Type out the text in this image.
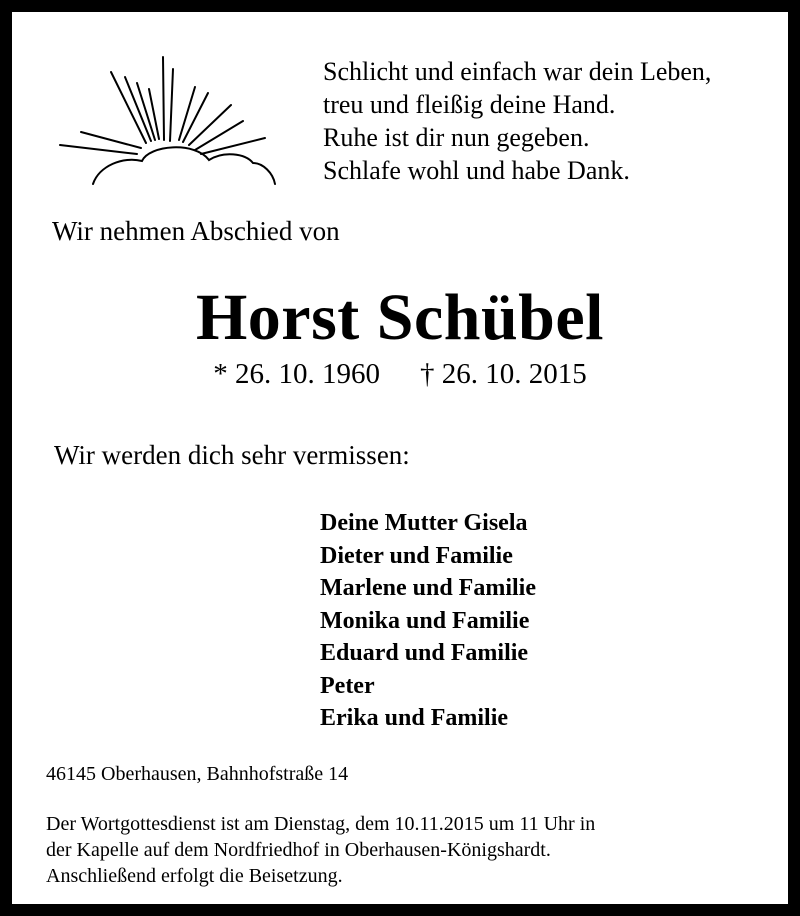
Schlicht und einfach war dein Leben,
treu und fleißig deine Hand.
Ruhe ist dir nun gegeben.
Schlafe wohl und habe Dank.
Wir nehmen Abschied von
Horst Schübel
* 26. 10. 1960 † 26. 10. 2015
Wir werden dich sehr vermissen:
Deine Mutter Gisela
Dieter und Familie
Marlene und Familie
Monika und Familie
Eduard und Familie
Peter
Erika und Familie
46145 Oberhausen, Bahnhofstraße 14
Der Wortgottesdienst ist am Dienstag, dem 10.11.2015 um 11 Uhr in
der Kapelle auf dem Nordfriedhof in Oberhausen-Königshardt.
Anschließend erfolgt die Beisetzung.
